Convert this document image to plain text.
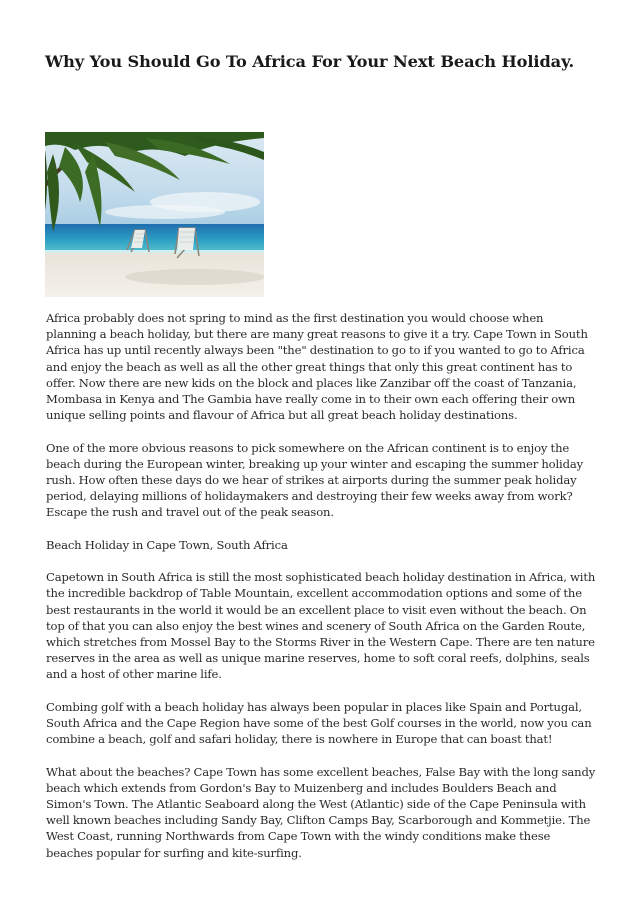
Why You Should Go To Africa For Your Next Beach Holiday.

Africa probably does not spring to mind as the first destination you would choose when planning a beach holiday, but there are many great reasons to give it a try. Cape Town in South Africa has up until recently always been "the" destination to go to if you wanted to go to Africa and enjoy the beach as well as all the other great things that only this great continent has to offer. Now there are new kids on the block and places like Zanzibar off the coast of Tanzania, Mombasa in Kenya and The Gambia have really come in to their own each offering their own unique selling points and flavour of Africa but all great beach holiday destinations.

One of the more obvious reasons to pick somewhere on the African continent is to enjoy the beach during the European winter, breaking up your winter and escaping the summer holiday rush. How often these days do we hear of strikes at airports during the summer peak holiday period, delaying millions of holidaymakers and destroying their few weeks away from work? Escape the rush and travel out of the peak season.

Beach Holiday in Cape Town, South Africa

Capetown in South Africa is still the most sophisticated beach holiday destination in Africa, with the incredible backdrop of Table Mountain, excellent accommodation options and some of the best restaurants in the world it would be an excellent place to visit even without the beach. On top of that you can also enjoy the best wines and scenery of South Africa on the Garden Route, which stretches from Mossel Bay to the Storms River in the Western Cape. There are ten nature reserves in the area as well as unique marine reserves, home to soft coral reefs, dolphins, seals and a host of other marine life.

Combing golf with a beach holiday has always been popular in places like Spain and Portugal, South Africa and the Cape Region have some of the best Golf courses in the world, now you can combine a beach, golf and safari holiday, there is nowhere in Europe that can boast that!

What about the beaches? Cape Town has some excellent beaches, False Bay with the long sandy beach which extends from Gordon's Bay to Muizenberg and includes Boulders Beach and Simon's Town. The Atlantic Seaboard along the West (Atlantic) side of the Cape Peninsula with well known beaches including Sandy Bay, Clifton Camps Bay, Scarborough and Kommetjie. The West Coast, running Northwards from Cape Town with the windy conditions make these beaches popular for surfing and kite-surfing.
